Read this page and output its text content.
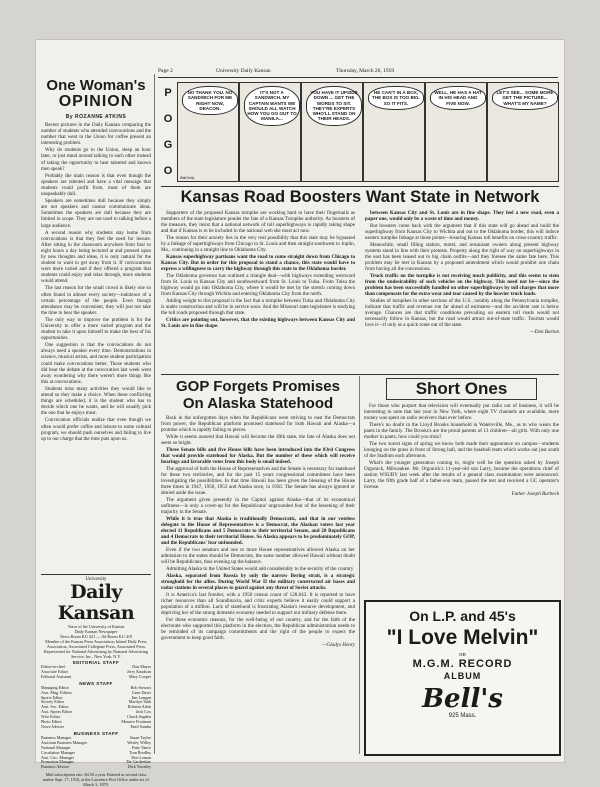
Page 2	University Daily Kansan	Thursday, March 26, 1959
One Woman's
OPINION
By ROZANNE ATKINS

Recent pictures in the Daily Kansan comparing the number of students who attended convocations and the number that went to the Union for coffee present an interesting problem.

Why do students go to the Union, sleep an hour later, or just stand around talking to each other instead of taking the opportunity to hear talented and known men speak?

Probably the main reason is that even though the speakers are talented and have a vital message that students could profit from, most of them are unspeakably dull.

Speakers are sometimes dull because they simply are not speakers and cannot communicate ideas. Sometimes the speakers are dull because they are limited in scope. They are not used to talking before a large audience.

A second reason why students stay home from convocations is that they feel the need for leisure. After sitting in the classroom anywhere from four to eight hours a day being lectured at and pressed upon by new thoughts and ideas, it is only natural for the student to want to get away from it. If convocations were more varied and if they offered a program that students could enjoy and relax through, more students would attend.

The last reason for the small crowd is likely one so often found in almost every society—indolence of a certain percentage of the people. Even though attendance may be convenient, they will just not take the time to hear the speaker.

The only way to improve the problem is for the University to offer a more varied program and the student to take it upon himself to make the best of his opportunities.

One suggestion is that the convocations do not always need a speaker every time. Demonstrations in science, musical artists, and more student participation could make convocations better. Those students who did hear the debate at the convocation last week went away wondering why there weren't more things like this at convocations.

Students miss many activities they would like to attend so they make a choice. When these conflicting things are scheduled, it is the student who has to decide which one he wants, and he will usually pick the one that he enjoys most.

Convocation officials realize that even though we often would prefer coffee and leisure to some cultural program, we should push ourselves and failing to live up to our charge that the time puts upon us.

University
Daily Kansan
Voice of the University of Kansas
Daily Kansan Newspaper
News Room KU 421 — Ad Room KU 419
Member of the Kansas Press Association, Inland Daily Press Association, Associated Collegiate Press, Associated Press
Represented for National Advertising by National Advertising Service, Inc., New York, N.Y.
EDITORIAL STAFF
Editor-in-chief	Don Mayer
Associate Editor	Jerry Knudson
Editorial Assistant	Mary Cooper
NEWS STAFF
Managing Editor	Bob Stewart
Asst. Mng. Editors	Gene Davis
Sports Editor	Jim Longan
Society Editor	Marilyn Tabb
Asst. Soc. Editor	Roberta Atkin
Asst. Sports Editor	Jack Cox
Wire Editor	Chuck Sugden
Photo Editor	Maurice Fruitman
News Adviser	Emil Sandra
BUSINESS STAFF
Business Manager	Stuart Taylor
Assistant Business Manager	Wesley Willey
National Manager	Patty Vance
Circulation Manager	Tom Brodley
Asst. Circ. Manager	Don Loman
Promotion Manager	Pat Gardenhire
Business Adviser	Dick Townley
Mail subscription rate: $4.50 a year. Entered as second class matter Sept. 17, 1910, at the Lawrence Post Office under act of March 3, 1879.
P
O
G
O
NO THANK YOU. NO SANDWICH FOR ME RIGHT NOW, DEACON.
Walt Kelly
IT'S NOT A SANDWICH. MY CAPTAIN WANTS WE SHOULD ALL WATCH HOW YOU GO OUT TO MANILA...
YOU HAVE IT UPSIDE DOWN ... GET THE WORDS TO SIT. THEY'RE EXPERTS WHO'LL STAND ON THEIR HEADS.
HE CAN'T IN A BOX, THE BOX IS TOO BIG. SO IT FITS.
WELL, HE HAS A HAT IN HIS HEAD AND FIVE NOW.
LET'S SEE... SOME MORE GET THE PICTURE... WHAT'S MY NAME?
Kansas Road Boosters Want State in Network

Supporters of the proposed Kansas turnpike are working hard to have their fingernails as members of the state legislature ponder the fate of a Kansas Turnpike authority. As boosters of the measure, they insist that a national network of toll superhighways is rapidly taking shape and that if Kansas is to be included in the national web she must act now.

The reason for their anxiety lies in the very real possibility that this state may be bypassed by a linkage of superhighways from Chicago to St. Louis and then straight southwest to Joplin, Mo., continuing in a straight line to Oklahoma City.

Kansas superhighway partisans want the road to come straight down from Chicago to Kansas City. But in order for this proposal to stand a chance, this state would have to express a willingness to carry the highway through this state to the Oklahoma border.

The Oklahoma governor has outlined a triangle deal—with highways extending westward from St. Louis to Kansas City and southwestward from St. Louis to Tulsa. From Tulsa the highway would go into Oklahoma City, where it would be met by the stretch coming down from Kansas City through Wichita and entering Oklahoma City from the north.

Adding weight to this proposal is the fact that a turnpike between Tulsa and Oklahoma City is under construction and will be in service soon. And the Missouri state legislature is studying the toll roads proposed through that state.

Critics are pointing out, however, that the existing highways between Kansas City and St. Louis are in fine shape.

between Kansas City and St. Louis are in fine shape. They feel a new road, even a paper one, would only be a waste of time and money.

But boosters come back with the argument that if this state will go ahead and build the superhighway from Kansas City to Wichita and out to the Oklahoma border, this will induce eastern turnpike linkage at those points—insuring Kansas toll benefits on cross-country traffic.

Meanwhile, small filling station, motel, and restaurant owners along present highway systems stand in line with their protests. Property along the right of way on superhighways in the east has been leased out to big chain outfits—and they foresee the same fate here. This problem may be met in Kansas by a proposed amendment which would prohibit one chain from having all the concessions.

Truck traffic on the turnpike is not receiving much publicity, and this seems to stem from the undesirability of such vehicles on the highway. This need not be—since the problem has been successfully handled on other superhighways by toll charges that more than compensate for the extra wear and tear caused by the heavier truck loads.

Studies of turnpikes in other sections of the U.S., notably along the Pennsylvania turnpike, indicate that traffic and revenue run far ahead of estimates—and the accident rate is below average. Chances are that traffic conditions prevailing on eastern toll roads would not necessarily follow in Kansas, but the road would attract out-of-state traffic. Tourists would love it—if only as a quick route out of the state.

—Don Barton
GOP Forgets Promises
On Alaska Statehood

Back in the unforgotten days when the Republicans were striving to oust the Democrats from power, the Republican platform promised statehood for both Hawaii and Alaska—a promise which is rapidly failing to pieces.

While it seems assured that Hawaii will become the 49th state, the fate of Alaska does not seem so bright.

Three Senate bills and five House bills have been introduced into the 83rd Congress that would provide statehood for Alaska. But the number of these which will receive hearings and favorable votes from this body is small indeed.

The approval of both the House of Representatives and the Senate is necessary for statehood for these two territories, and for the past 15 years congressional committees have been investigating the possibilities. In that time Hawaii has been given the blessing of the House three times in 1947, 1950, 1953 and Alaska once, in 1950. The Senate has always ignored or denied aside the issue.

The argument given presently in the Capitol against Alaska—that of its economical unfitness—is only a cover-up for the Republicans' ungrounded fear of the lessening of their majority in the Senate.

While it is true that Alaska is traditionally Democratic, and that in our voteless delegate to the House of Representatives is a Democrat, the Alaskan voters last year elected 11 Republicans and 5 Democrats to their territorial Senate, and 20 Republicans and 4 Democrats to their territorial House. So Alaska appears to be predominately GOP, and the Republicans' fear unfounded.

Even if the two senators and one or more House representatives allowed Alaska on her admission to the states should be Democrats, the same number allowed Hawaii without doubt will be Republicans, thus evening up the balance.

Admitting Alaska to the United States would add considerably to the security of the country.

Alaska, separated from Russia by only the narrow Bering strait, is a strategic stronghold for the allies. During World War II the military constructed air bases and radar stations in several places to guard against any threat of Soviet attacks.

It is America's last frontier, with a 1950 census count of 128,643. It is reported to have richer resources than all Scandinavia, and critic experts believe it easily could support a population of a million. Lack of statehood is frustrating Alaska's resource development, and depriving her of the strong domestic economy needed to support our military defense there.

For these economic reasons, for the well-being of our country, and for the faith of the electorate who supported this platform in the election, the Republican administration needs to be reminded of its campaign commitments and the right of the people to expect the government to keep good faith.

—Gladys Henry
Short Ones

For those who purport that television will eventually put radio out of business, it will be interesting to note that last year in New York, where eight TV channels are available, more money was spent on radio receivers than ever before.

There's no doubt in the Lloyd Brooks household in Watersville, Me., as to who wears the pants in the family. The Brooks's are the proud parents of 13 children—all girls. With only one mother in pants, how could you miss?

The two surest signs of spring we know both made their appearance on campus—students lounging on the grass in front of Strong hall, and the baseball team which works out just south of the Stadium each afternoon.

What's the younger generation coming to, might well be the question asked by Joseph Orgonick, Milwaukee. Mr. Orgonick's 11-year-old son Larry, became the operations chief of station WSUBY last week after the results of a general class examination were announced. Larry, the fifth grade half of a father-son team, passed the test and received a GC operator's license.

Father Joseph Burbeck
On L.P. and 45's
"I Love Melvin"
on
M.G.M. RECORD
ALBUM
Bell's
925 Mass.
